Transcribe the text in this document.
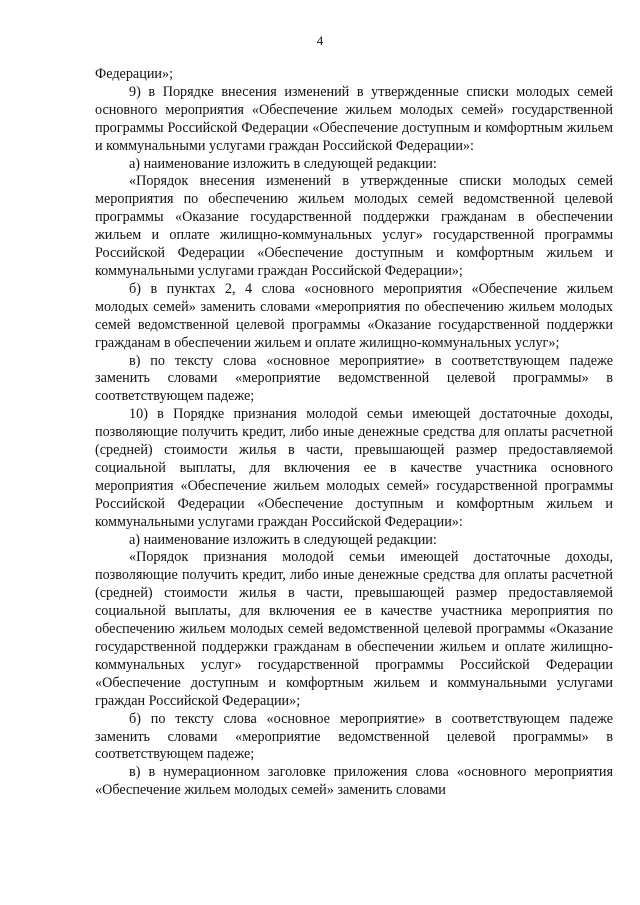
4

Федерации»;

9) в Порядке внесения изменений в утвержденные списки молодых семей основного мероприятия «Обеспечение жильем молодых семей» государственной программы Российской Федерации «Обеспечение доступным и комфортным жильем и коммунальными услугами граждан Российской Федерации»:

а) наименование изложить в следующей редакции:

«Порядок внесения изменений в утвержденные списки молодых семей мероприятия по обеспечению жильем молодых семей ведомственной целевой программы «Оказание государственной поддержки гражданам в обеспечении жильем и оплате жилищно-коммунальных услуг» государственной программы Российской Федерации «Обеспечение доступным и комфортным жильем и коммунальными услугами граждан Российской Федерации»;

б) в пунктах 2, 4 слова «основного мероприятия «Обеспечение жильем молодых семей» заменить словами «мероприятия по обеспечению жильем молодых семей ведомственной целевой программы «Оказание государственной поддержки гражданам в обеспечении жильем и оплате жилищно-коммунальных услуг»;

в) по тексту слова «основное мероприятие» в соответствующем падеже заменить словами «мероприятие ведомственной целевой программы» в соответствующем падеже;

10) в Порядке признания молодой семьи имеющей достаточные доходы, позволяющие получить кредит, либо иные денежные средства для оплаты расчетной (средней) стоимости жилья в части, превышающей размер предоставляемой социальной выплаты, для включения ее в качестве участника основного мероприятия «Обеспечение жильем молодых семей» государственной программы Российской Федерации «Обеспечение доступным и комфортным жильем и коммунальными услугами граждан Российской Федерации»:

а) наименование изложить в следующей редакции:

«Порядок признания молодой семьи имеющей достаточные доходы, позволяющие получить кредит, либо иные денежные средства для оплаты расчетной (средней) стоимости жилья в части, превышающей размер предоставляемой социальной выплаты, для включения ее в качестве участника мероприятия по обеспечению жильем молодых семей ведомственной целевой программы «Оказание государственной поддержки гражданам в обеспечении жильем и оплате жилищно-коммунальных услуг» государственной программы Российской Федерации «Обеспечение доступным и комфортным жильем и коммунальными услугами граждан Российской Федерации»;

б) по тексту слова «основное мероприятие» в соответствующем падеже заменить словами «мероприятие ведомственной целевой программы» в соответствующем падеже;

в) в нумерационном заголовке приложения слова «основного мероприятия «Обеспечение жильем молодых семей» заменить словами
